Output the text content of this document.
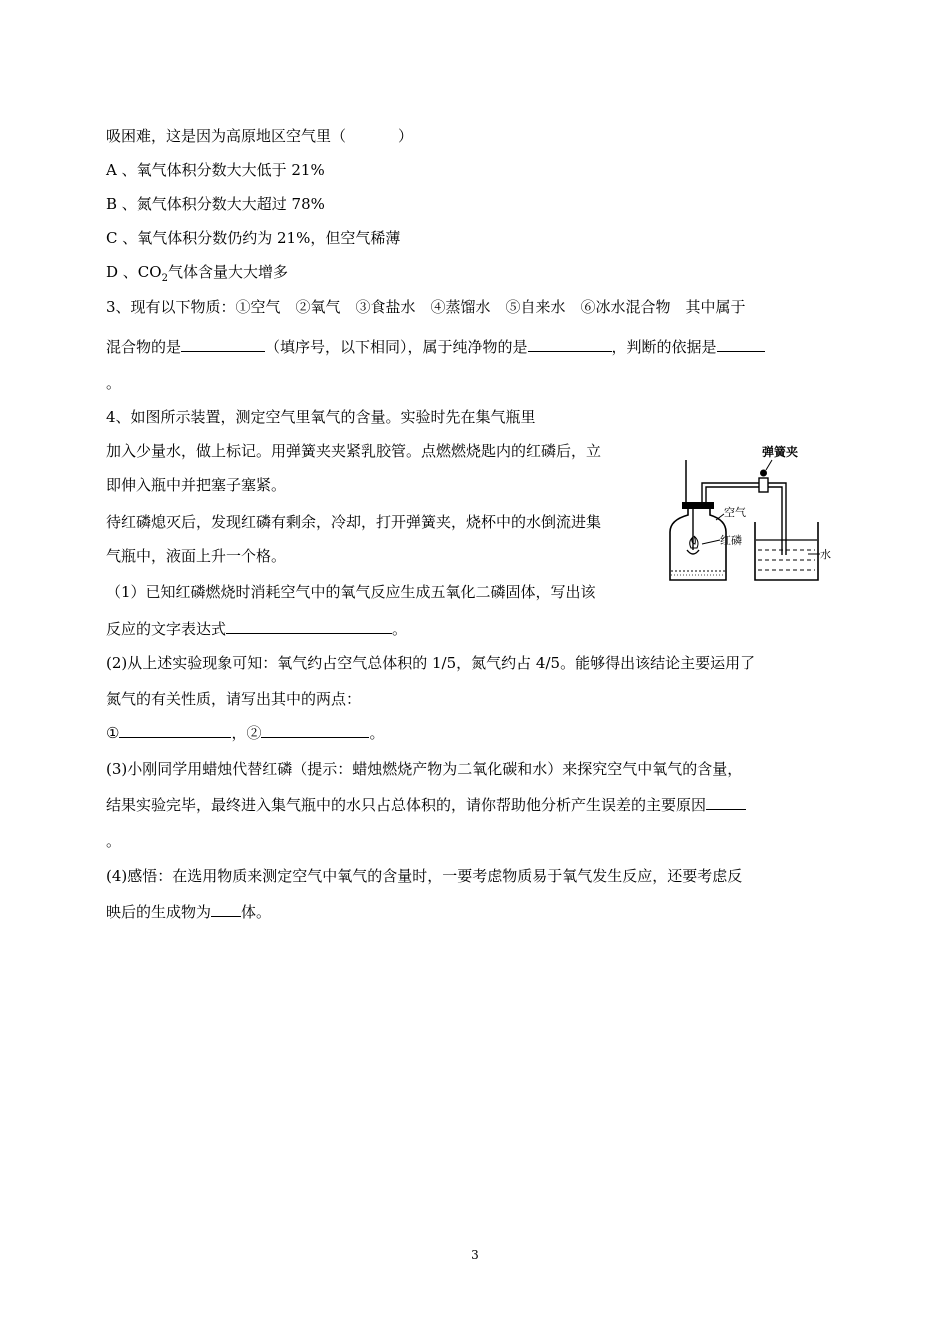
吸困难，这是因为高原地区空气里（	）
A 、氧气体积分数大大低于 21%
B 、氮气体积分数大大超过 78%
C 、氧气体积分数仍约为 21%，但空气稀薄
D 、$CO_2$气体含量大大增多
3、现有以下物质：①空气　②氧气　③食盐水　④蒸馏水　⑤自来水　⑥冰水混合物　其中属于
混合物的是	（填序号，以下相同），属于纯净物的是	，判断的依据是
。
4、如图所示装置，测定空气里氧气的含量。实验时先在集气瓶里
加入少量水，做上标记。用弹簧夹夹紧乳胶管。点燃燃烧匙内的红磷后，立
即伸入瓶中并把塞子塞紧。
待红磷熄灭后，发现红磷有剩余，冷却，打开弹簧夹，烧杯中的水倒流进集
气瓶中，液面上升一个格。
（1）已知红磷燃烧时消耗空气中的氧气反应生成五氧化二磷固体，写出该
反应的文字表达式	。
(2)从上述实验现象可知：氧气约占空气总体积的 1/5，氮气约占 4/5。能够得出该结论主要运用了
氮气的有关性质，请写出其中的两点：
①	，②	。
(3)小刚同学用蜡烛代替红磷（提示：蜡烛燃烧产物为二氧化碳和水）来探究空气中氧气的含量，
结果实验完毕，最终进入集气瓶中的水只占总体积的，请你帮助他分析产生误差的主要原因
。
(4)感悟：在选用物质来测定空气中氧气的含量时，一要考虑物质易于氧气发生反应，还要考虑反
映后的生成物为 体。
弹簧夹
空气
红磷
水
3
